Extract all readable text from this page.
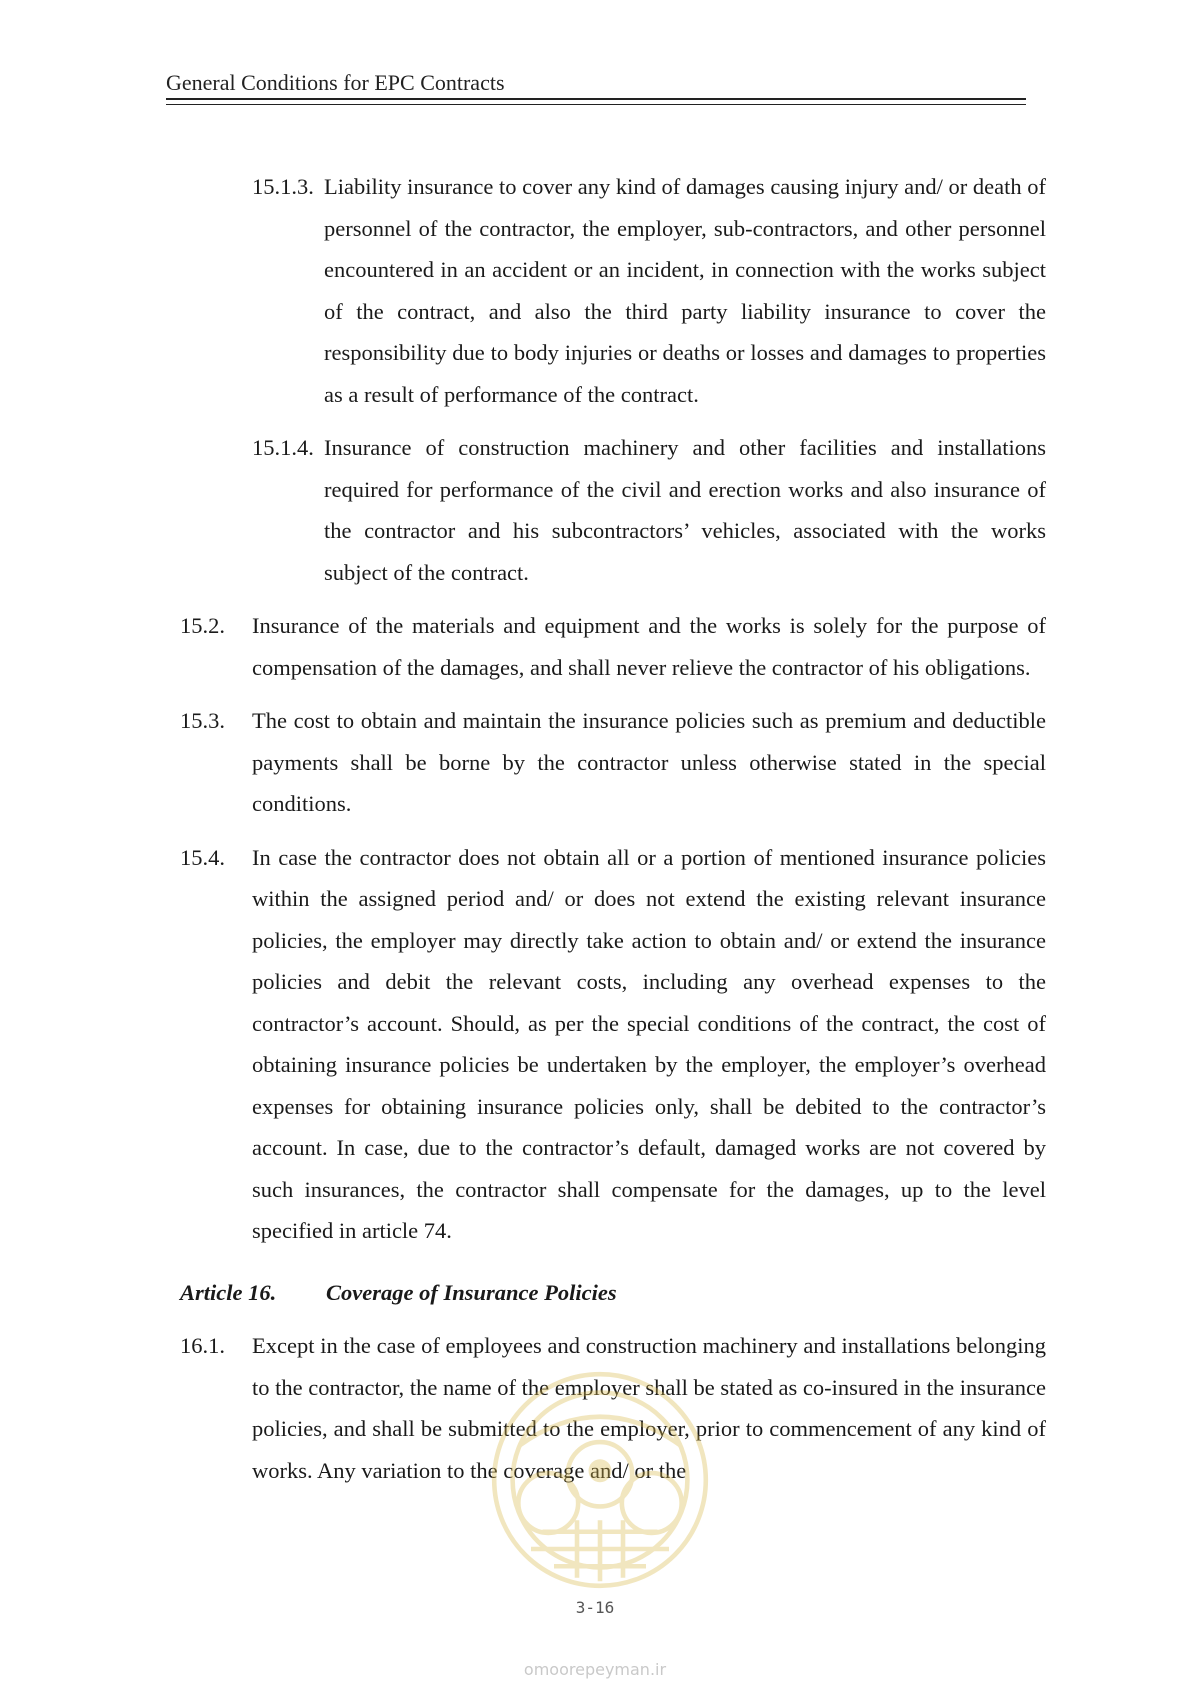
General Conditions for EPC Contracts
15.1.3. Liability insurance to cover any kind of damages causing injury and/ or death of personnel of the contractor, the employer, sub-contractors, and other personnel encountered in an accident or an incident, in connection with the works subject of the contract, and also the third party liability insurance to cover the responsibility due to body injuries or deaths or losses and damages to properties as a result of performance of the contract.
15.1.4. Insurance of construction machinery and other facilities and installations required for performance of the civil and erection works and also insurance of the contractor and his subcontractors’ vehicles, associated with the works subject of the contract.
15.2.	Insurance of the materials and equipment and the works is solely for the purpose of compensation of the damages, and shall never relieve the contractor of his obligations.
15.3.	The cost to obtain and maintain the insurance policies such as premium and deductible payments shall be borne by the contractor unless otherwise stated in the special conditions.
15.4.	In case the contractor does not obtain all or a portion of mentioned insurance policies within the assigned period and/ or does not extend the existing relevant insurance policies, the employer may directly take action to obtain and/ or extend the insurance policies and debit the relevant costs, including any overhead expenses to the contractor’s account. Should, as per the special conditions of the contract, the cost of obtaining insurance policies be undertaken by the employer, the employer’s overhead expenses for obtaining insurance policies only, shall be debited to the contractor’s account. In case, due to the contractor’s default, damaged works are not covered by such insurances, the contractor shall compensate for the damages, up to the level specified in article 74.
Article 16.	Coverage of Insurance Policies
16.1.	Except in the case of employees and construction machinery and installations belonging to the contractor, the name of the employer shall be stated as co-insured in the insurance policies, and shall be submitted to the employer, prior to commencement of any kind of works. Any variation to the coverage and/ or the
3-16
omoorepeyman.ir
